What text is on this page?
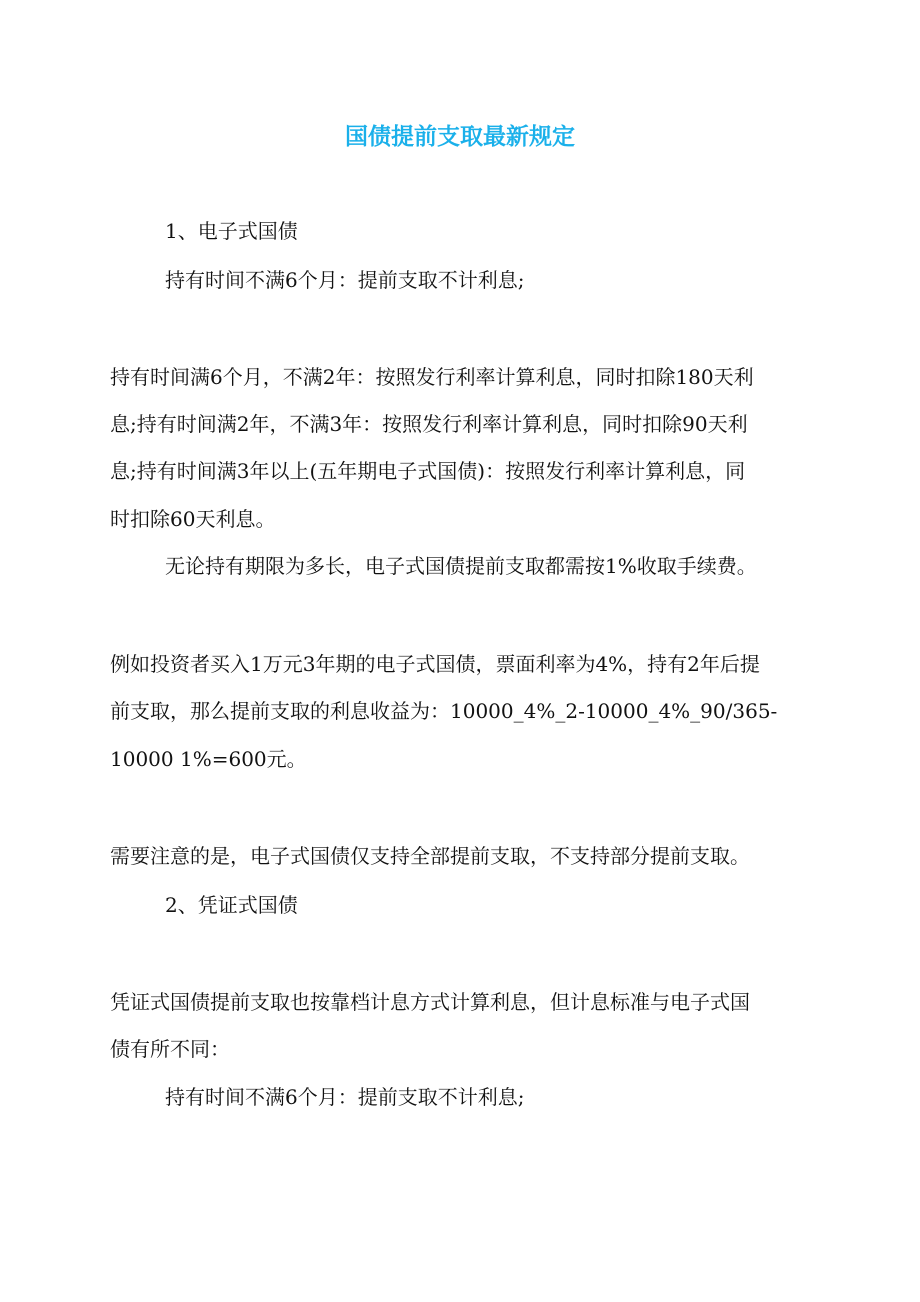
国债提前支取最新规定
1、电子式国债
持有时间不满6个月：提前支取不计利息;
持有时间满6个月，不满2年：按照发行利率计算利息，同时扣除180天利
息;持有时间满2年，不满3年：按照发行利率计算利息，同时扣除90天利
息;持有时间满3年以上(五年期电子式国债)：按照发行利率计算利息，同
时扣除60天利息。
无论持有期限为多长，电子式国债提前支取都需按1%收取手续费。
例如投资者买入1万元3年期的电子式国债，票面利率为4%，持有2年后提
前支取，那么提前支取的利息收益为：10000_4%_2-10000_4%_90/365-
10000 1%=600元。
需要注意的是，电子式国债仅支持全部提前支取，不支持部分提前支取。
2、凭证式国债
凭证式国债提前支取也按靠档计息方式计算利息，但计息标准与电子式国
债有所不同：
持有时间不满6个月：提前支取不计利息;
